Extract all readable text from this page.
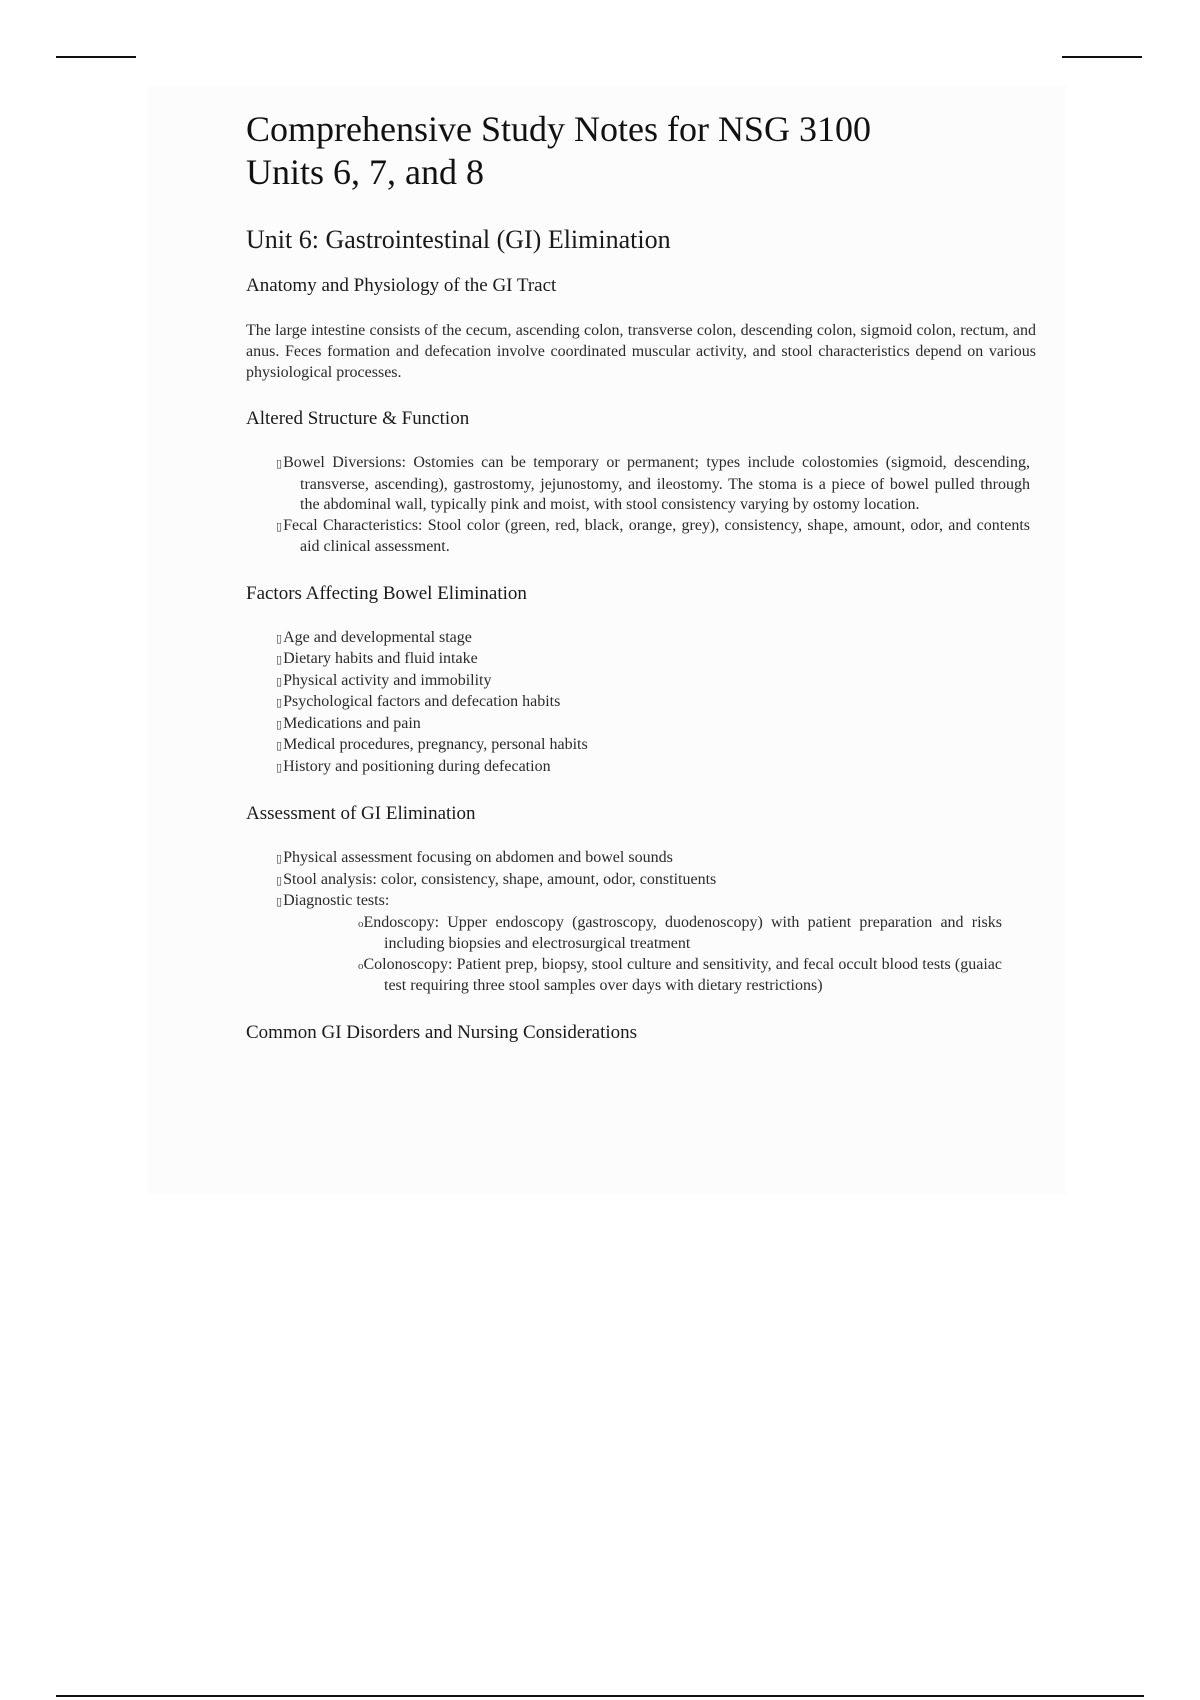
Comprehensive Study Notes for NSG 3100
Units 6, 7, and 8
Unit 6: Gastrointestinal (GI) Elimination
Anatomy and Physiology of the GI Tract

The large intestine consists of the cecum, ascending colon, transverse colon, descending colon, sigmoid colon, rectum, and anus. Feces formation and defecation involve coordinated muscular activity, and stool characteristics depend on various physiological processes.

Altered Structure & Function
▯Bowel Diversions: Ostomies can be temporary or permanent; types include colostomies (sigmoid, descending, transverse, ascending), gastrostomy, jejunostomy, and ileostomy. The stoma is a piece of bowel pulled through the abdominal wall, typically pink and moist, with stool consistency varying by ostomy location.
▯Fecal Characteristics: Stool color (green, red, black, orange, grey), consistency, shape, amount, odor, and contents aid clinical assessment.
Factors Affecting Bowel Elimination
▯Age and developmental stage
▯Dietary habits and fluid intake
▯Physical activity and immobility
▯Psychological factors and defecation habits
▯Medications and pain
▯Medical procedures, pregnancy, personal habits
▯History and positioning during defecation
Assessment of GI Elimination
▯Physical assessment focusing on abdomen and bowel sounds
▯Stool analysis: color, consistency, shape, amount, odor, constituents
▯Diagnostic tests:
oEndoscopy: Upper endoscopy (gastroscopy, duodenoscopy) with patient preparation and risks including biopsies and electrosurgical treatment
oColonoscopy: Patient prep, biopsy, stool culture and sensitivity, and fecal occult blood tests (guaiac test requiring three stool samples over days with dietary restrictions)
Common GI Disorders and Nursing Considerations
